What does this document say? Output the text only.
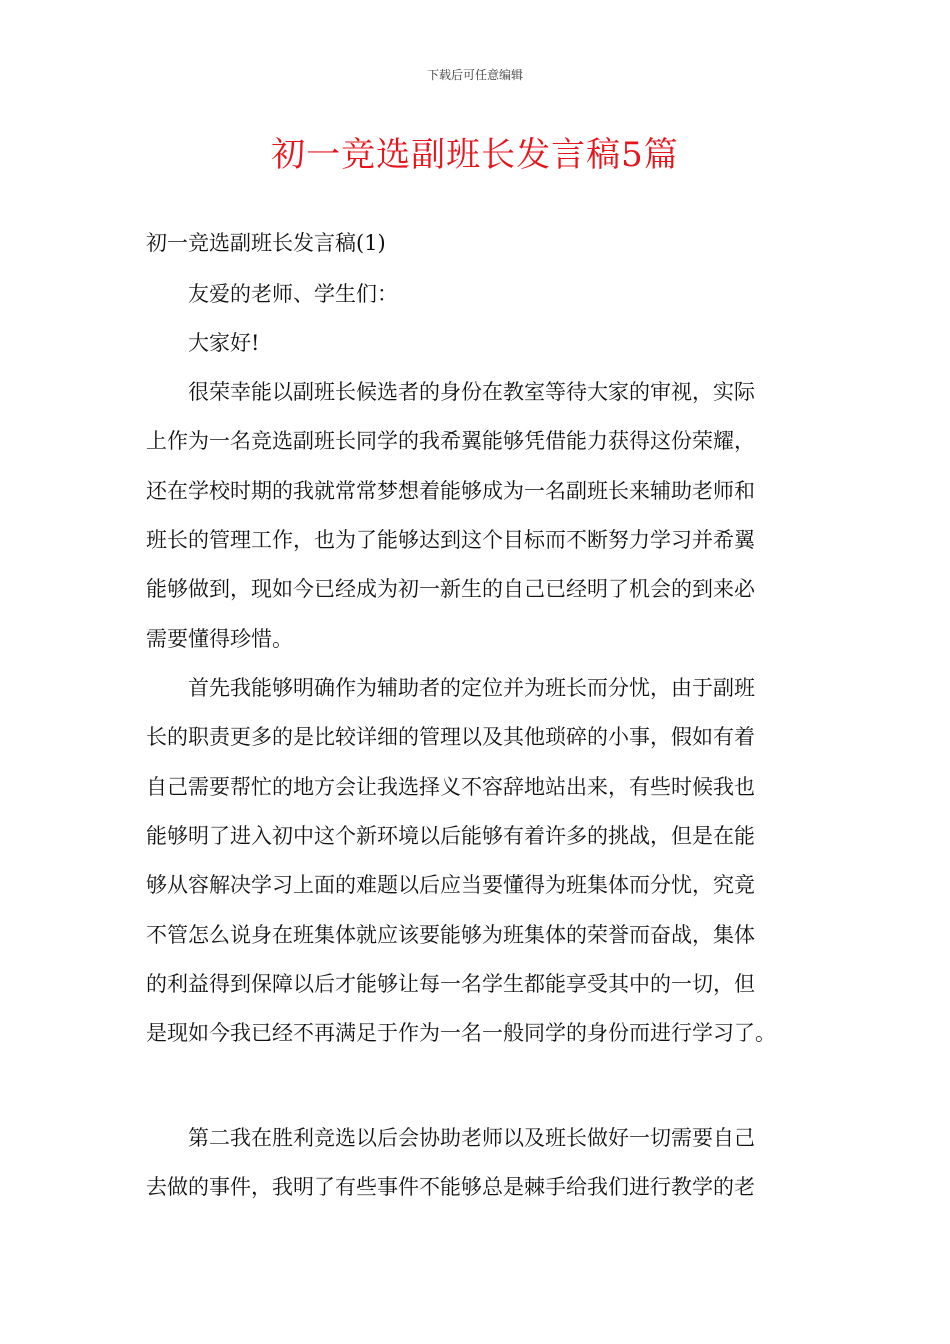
下载后可任意编辑
初一竞选副班长发言稿5篇
初一竞选副班长发言稿(1)
友爱的老师、学生们：
大家好!
很荣幸能以副班长候选者的身份在教室等待大家的审视，实际
上作为一名竞选副班长同学的我希翼能够凭借能力获得这份荣耀，
还在学校时期的我就常常梦想着能够成为一名副班长来辅助老师和
班长的管理工作，也为了能够达到这个目标而不断努力学习并希翼
能够做到，现如今已经成为初一新生的自己已经明了机会的到来必
需要懂得珍惜。
首先我能够明确作为辅助者的定位并为班长而分忧，由于副班
长的职责更多的是比较详细的管理以及其他琐碎的小事，假如有着
自己需要帮忙的地方会让我选择义不容辞地站出来，有些时候我也
能够明了进入初中这个新环境以后能够有着许多的挑战，但是在能
够从容解决学习上面的难题以后应当要懂得为班集体而分忧，究竟
不管怎么说身在班集体就应该要能够为班集体的荣誉而奋战，集体
的利益得到保障以后才能够让每一名学生都能享受其中的一切，但
是现如今我已经不再满足于作为一名一般同学的身份而进行学习了。
第二我在胜利竞选以后会协助老师以及班长做好一切需要自己
去做的事件，我明了有些事件不能够总是棘手给我们进行教学的老
